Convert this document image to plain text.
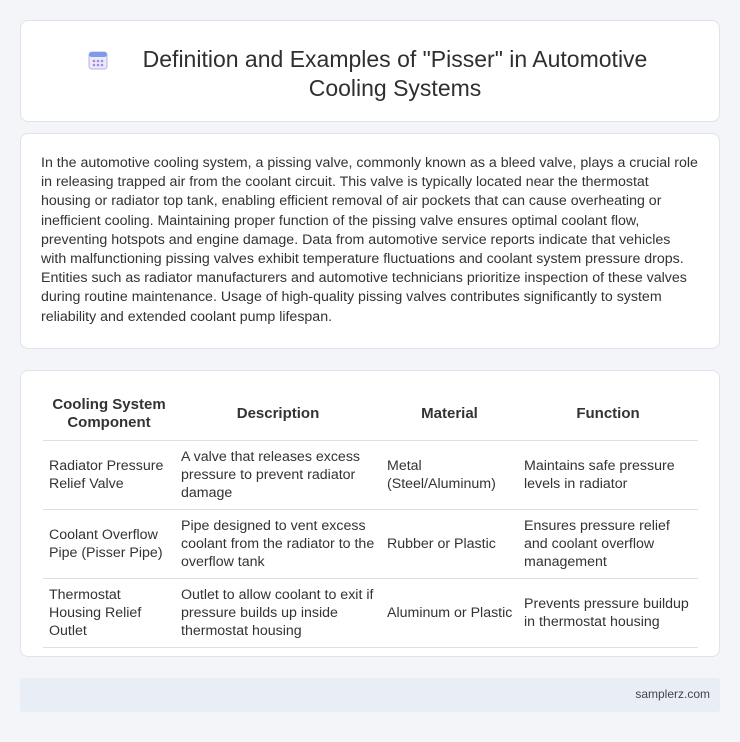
Definition and Examples of "Pisser" in Automotive Cooling Systems

In the automotive cooling system, a pissing valve, commonly known as a bleed valve, plays a crucial role in releasing trapped air from the coolant circuit. This valve is typically located near the thermostat housing or radiator top tank, enabling efficient removal of air pockets that can cause overheating or inefficient cooling. Maintaining proper function of the pissing valve ensures optimal coolant flow, preventing hotspots and engine damage. Data from automotive service reports indicate that vehicles with malfunctioning pissing valves exhibit temperature fluctuations and coolant system pressure drops. Entities such as radiator manufacturers and automotive technicians prioritize inspection of these valves during routine maintenance. Usage of high-quality pissing valves contributes significantly to system reliability and extended coolant pump lifespan.

Cooling System Component	Description	Material	Function
Radiator Pressure Relief Valve	A valve that releases excess pressure to prevent radiator damage	Metal (Steel/Aluminum)	Maintains safe pressure levels in radiator
Coolant Overflow Pipe (Pisser Pipe)	Pipe designed to vent excess coolant from the radiator to the overflow tank	Rubber or Plastic	Ensures pressure relief and coolant overflow management
Thermostat Housing Relief Outlet	Outlet to allow coolant to exit if pressure builds up inside thermostat housing	Aluminum or Plastic	Prevents pressure buildup in thermostat housing
samplerz.com
